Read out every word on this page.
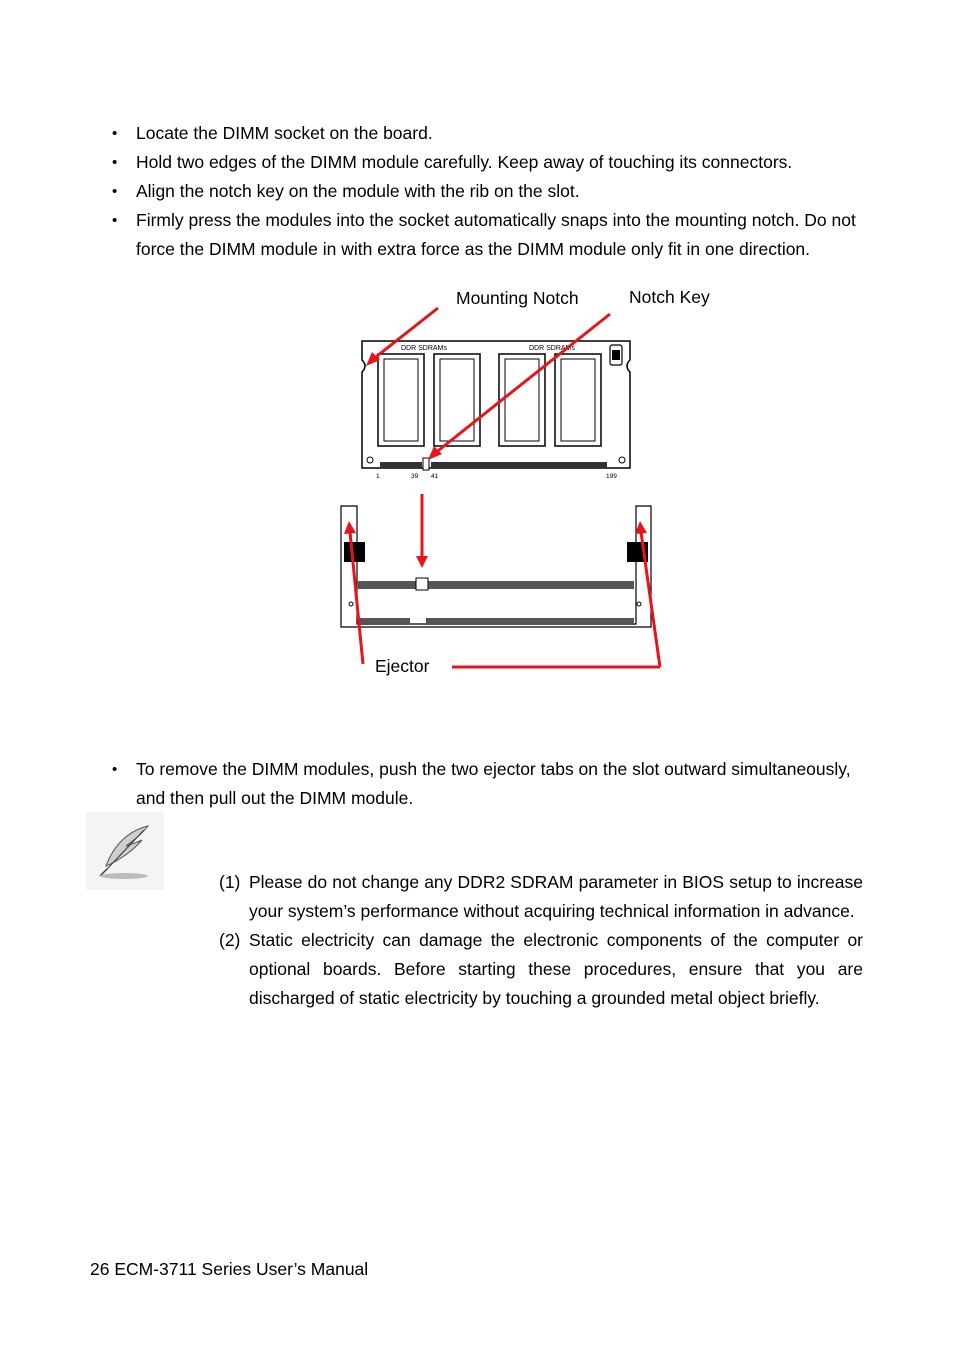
• Locate the DIMM socket on the board.
• Hold two edges of the DIMM module carefully. Keep away of touching its connectors.
• Align the notch key on the module with the rib on the slot.
• Firmly press the modules into the socket automatically snaps into the mounting notch. Do not force the DIMM module in with extra force as the DIMM module only fit in one direction.
DDR SDRAMs	DDR SDRAMs
1	39 41	199
Mounting Notch	Notch Key
Ejector
• To remove the DIMM modules, push the two ejector tabs on the slot outward simultaneously, and then pull out the DIMM module.
(1) Please do not change any DDR2 SDRAM parameter in BIOS setup to increase your system’s performance without acquiring technical information in advance.
(2) Static electricity can damage the electronic components of the computer or optional boards. Before starting these procedures, ensure that you are discharged of static electricity by touching a grounded metal object briefly.
26 ECM-3711 Series User’s Manual
